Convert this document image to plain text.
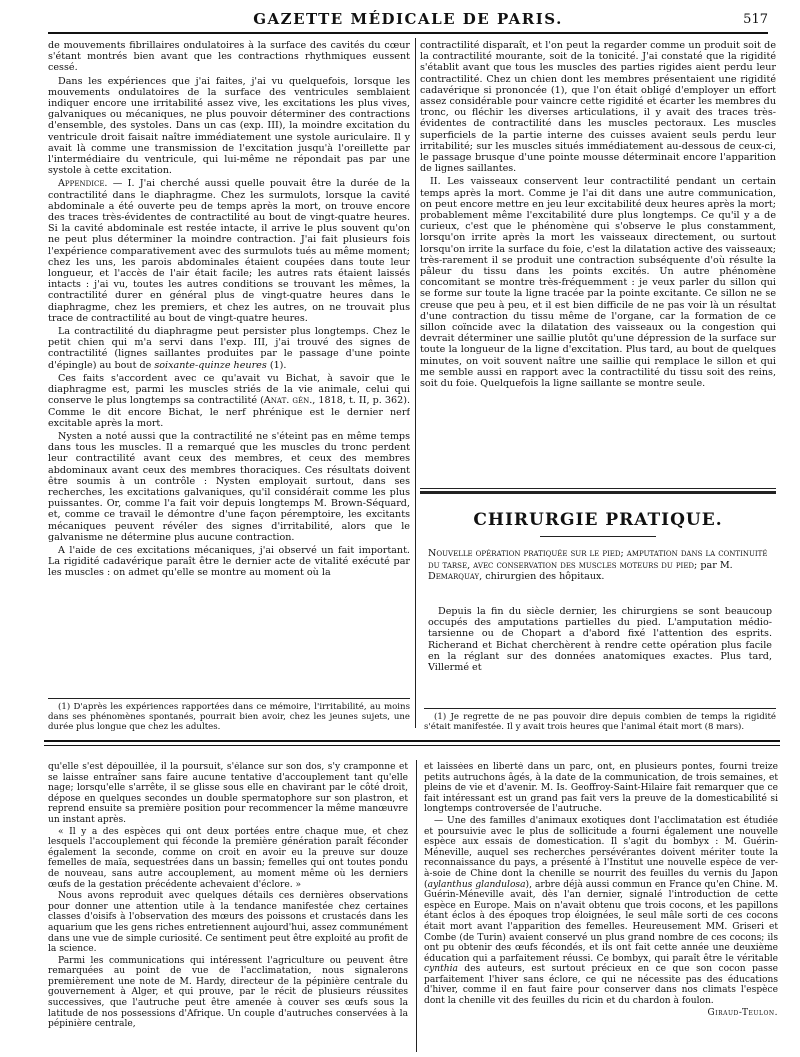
GAZETTE MÉDICALE DE PARIS.	517

de mouvements fibrillaires ondulatoires à la surface des cavités du cœur s'étant montrés bien avant que les contractions rhythmiques eussent cessé.

Dans les expériences que j'ai faites, j'ai vu quelquefois, lorsque les mouvements ondulatoires de la surface des ventricules semblaient indiquer encore une irritabilité assez vive, les excitations les plus vives, galvaniques ou mécaniques, ne plus pouvoir déterminer des contractions d'ensemble, des systoles. Dans un cas (exp. III), la moindre excitation du ventricule droit faisait naître immédiatement une systole auriculaire. Il y avait là comme une transmission de l'excitation jusqu'à l'oreillette par l'intermédiaire du ventricule, qui lui-même ne répondait pas par une systole à cette excitation.

Appendice. — I. J'ai cherché aussi quelle pouvait être la durée de la contractilité dans le diaphragme. Chez les surmulots, lorsque la cavité abdominale a été ouverte peu de temps après la mort, on trouve encore des traces très-évidentes de contractilité au bout de vingt-quatre heures. Si la cavité abdominale est restée intacte, il arrive le plus souvent qu'on ne peut plus déterminer la moindre contraction. J'ai fait plusieurs fois l'expérience comparativement avec des surmulots tués au même moment; chez les uns, les parois abdominales étaient coupées dans toute leur longueur, et l'accès de l'air était facile; les autres rats étaient laissés intacts : j'ai vu, toutes les autres conditions se trouvant les mêmes, la contractilité durer en général plus de vingt-quatre heures dans le diaphragme, chez les premiers, et chez les autres, on ne trouvait plus trace de contractilité au bout de vingt-quatre heures.

La contractilité du diaphragme peut persister plus longtemps. Chez le petit chien qui m'a servi dans l'exp. III, j'ai trouvé des signes de contractilité (lignes saillantes produites par le passage d'une pointe d'épingle) au bout de soixante-quinze heures (1).

Ces faits s'accordent avec ce qu'avait vu Bichat, à savoir que le diaphragme est, parmi les muscles striés de la vie animale, celui qui conserve le plus longtemps sa contractilité (Anat. gén., 1818, t. II, p. 362). Comme le dit encore Bichat, le nerf phrénique est le dernier nerf excitable après la mort.

Nysten a noté aussi que la contractilité ne s'éteint pas en même temps dans tous les muscles. Il a remarqué que les muscles du tronc perdent leur contractilité avant ceux des membres, et ceux des membres abdominaux avant ceux des membres thoraciques. Ces résultats doivent être soumis à un contrôle : Nysten employait surtout, dans ses recherches, les excitations galvaniques, qu'il considérait comme les plus puissantes. Or, comme l'a fait voir depuis longtemps M. Brown-Séquard, et, comme ce travail le démontre d'une façon péremptoire, les excitants mécaniques peuvent révéler des signes d'irritabilité, alors que le galvanisme ne détermine plus aucune contraction.

A l'aide de ces excitations mécaniques, j'ai observé un fait important. La rigidité cadavérique paraît être le dernier acte de vitalité exécuté par les muscles : on admet qu'elle se montre au moment où la

contractilité disparaît, et l'on peut la regarder comme un produit soit de la contractilité mourante, soit de la tonicité. J'ai constaté que la rigidité s'établit avant que tous les muscles des parties rigides aient perdu leur contractilité. Chez un chien dont les membres présentaient une rigidité cadavérique si prononcée (1), que l'on était obligé d'employer un effort assez considérable pour vaincre cette rigidité et écarter les membres du tronc, ou fléchir les diverses articulations, il y avait des traces très-évidentes de contractilité dans les muscles pectoraux. Les muscles superficiels de la partie interne des cuisses avaient seuls perdu leur irritabilité; sur les muscles situés immédiatement au-dessous de ceux-ci, le passage brusque d'une pointe mousse déterminait encore l'apparition de lignes saillantes.

II. Les vaisseaux conservent leur contractilité pendant un certain temps après la mort. Comme je l'ai dit dans une autre communication, on peut encore mettre en jeu leur excitabilité deux heures après la mort; probablement même l'excitabilité dure plus longtemps. Ce qu'il y a de curieux, c'est que le phénomène qui s'observe le plus constamment, lorsqu'on irrite après la mort les vaisseaux directement, ou surtout lorsqu'on irrite la surface du foie, c'est la dilatation active des vaisseaux; très-rarement il se produit une contraction subséquente d'où résulte la pâleur du tissu dans les points excités. Un autre phénomène concomitant se montre très-fréquemment : je veux parler du sillon qui se forme sur toute la ligne tracée par la pointe excitante. Ce sillon ne se creuse que peu à peu, et il est bien difficile de ne pas voir là un résultat d'une contraction du tissu même de l'organe, car la formation de ce sillon coïncide avec la dilatation des vaisseaux ou la congestion qui devrait déterminer une saillie plutôt qu'une dépression de la surface sur toute la longueur de la ligne d'excitation. Plus tard, au bout de quelques minutes, on voit souvent naître une saillie qui remplace le sillon et qui me semble aussi en rapport avec la contractilité du tissu soit des reins, soit du foie. Quelquefois la ligne saillante se montre seule.

CHIRURGIE PRATIQUE.
Nouvelle opération pratiquée sur le pied; amputation dans la continuité du tarse, avec conservation des muscles moteurs du pied; par M. Demarquay, chirurgien des hôpitaux.

Depuis la fin du siècle dernier, les chirurgiens se sont beaucoup occupés des amputations partielles du pied. L'amputation médio-tarsienne ou de Chopart a d'abord fixé l'attention des esprits. Richerand et Bichat cherchèrent à rendre cette opération plus facile en la réglant sur des données anatomiques exactes. Plus tard, Villermé et

(1) D'après les expériences rapportées dans ce mémoire, l'irritabilité, au moins dans ses phénomènes spontanés, pourrait bien avoir, chez les jeunes sujets, une durée plus longue que chez les adultes.

(1) Je regrette de ne pas pouvoir dire depuis combien de temps la rigidité s'était manifestée. Il y avait trois heures que l'animal était mort (8 mars).

qu'elle s'est dépouillée, il la poursuit, s'élance sur son dos, s'y cramponne et se laisse entraîner sans faire aucune tentative d'accouplement tant qu'elle nage; lorsqu'elle s'arrête, il se glisse sous elle en chavirant par le côté droit, dépose en quelques secondes un double spermatophore sur son plastron, et reprend ensuite sa première position pour recommencer la même manœuvre un instant après.

« Il y a des espèces qui ont deux portées entre chaque mue, et chez lesquels l'accouplement qui féconde la première génération paraît féconder également la seconde, comme on croit en avoir eu la preuve sur douze femelles de maïa, sequestrées dans un bassin; femelles qui ont toutes pondu de nouveau, sans autre accouplement, au moment même où les derniers œufs de la gestation précédente achevaient d'éclore. »

Nous avons reproduit avec quelques détails ces dernières observations pour donner une attention utile à la tendance manifestée chez certaines classes d'oisifs à l'observation des mœurs des poissons et crustacés dans les aquarium que les gens riches entretiennent aujourd'hui, assez communément dans une vue de simple curiosité. Ce sentiment peut être exploité au profit de la science.

Parmi les communications qui intéressent l'agriculture ou peuvent être remarquées au point de vue de l'acclimatation, nous signalerons premièrement une note de M. Hardy, directeur de la pépinière centrale du gouvernement à Alger, et qui prouve, par le récit de plusieurs réussites successives, que l'autruche peut être amenée à couver ses œufs sous la latitude de nos possessions d'Afrique. Un couple d'autruches conservées à la pépinière centrale,

et laissées en liberté dans un parc, ont, en plusieurs pontes, fourni treize petits autruchons âgés, à la date de la communication, de trois semaines, et pleins de vie et d'avenir. M. Is. Geoffroy-Saint-Hilaire fait remarquer que ce fait intéressant est un grand pas fait vers la preuve de la domesticabilité si longtemps controversée de l'autruche.

— Une des familles d'animaux exotiques dont l'acclimatation est étudiée et poursuivie avec le plus de sollicitude a fourni également une nouvelle espèce aux essais de domestication. Il s'agit du bombyx : M. Guérin-Méneville, auquel ses recherches persévérantes doivent mériter toute la reconnaissance du pays, a présenté à l'Institut une nouvelle espèce de ver-à-soie de Chine dont la chenille se nourrit des feuilles du vernis du Japon (aylanthus glandulosa), arbre déjà aussi commun en France qu'en Chine. M. Guérin-Méneville avait, dès l'an dernier, signalé l'introduction de cette espèce en Europe. Mais on n'avait obtenu que trois cocons, et les papillons étant éclos à des époques trop éloignées, le seul mâle sorti de ces cocons était mort avant l'apparition des femelles. Heureusement MM. Griseri et Combe (de Turin) avaient conservé un plus grand nombre de ces cocons; ils ont pu obtenir des œufs fécondés, et ils ont fait cette année une deuxième éducation qui a parfaitement réussi. Ce bombyx, qui paraît être le véritable cynthia des auteurs, est surtout précieux en ce que son cocon passe parfaitement l'hiver sans éclore, ce qui ne nécessite pas des éducations d'hiver, comme il en faut faire pour conserver dans nos climats l'espèce dont la chenille vit des feuilles du ricin et du chardon à foulon.

Giraud-Teulon.
